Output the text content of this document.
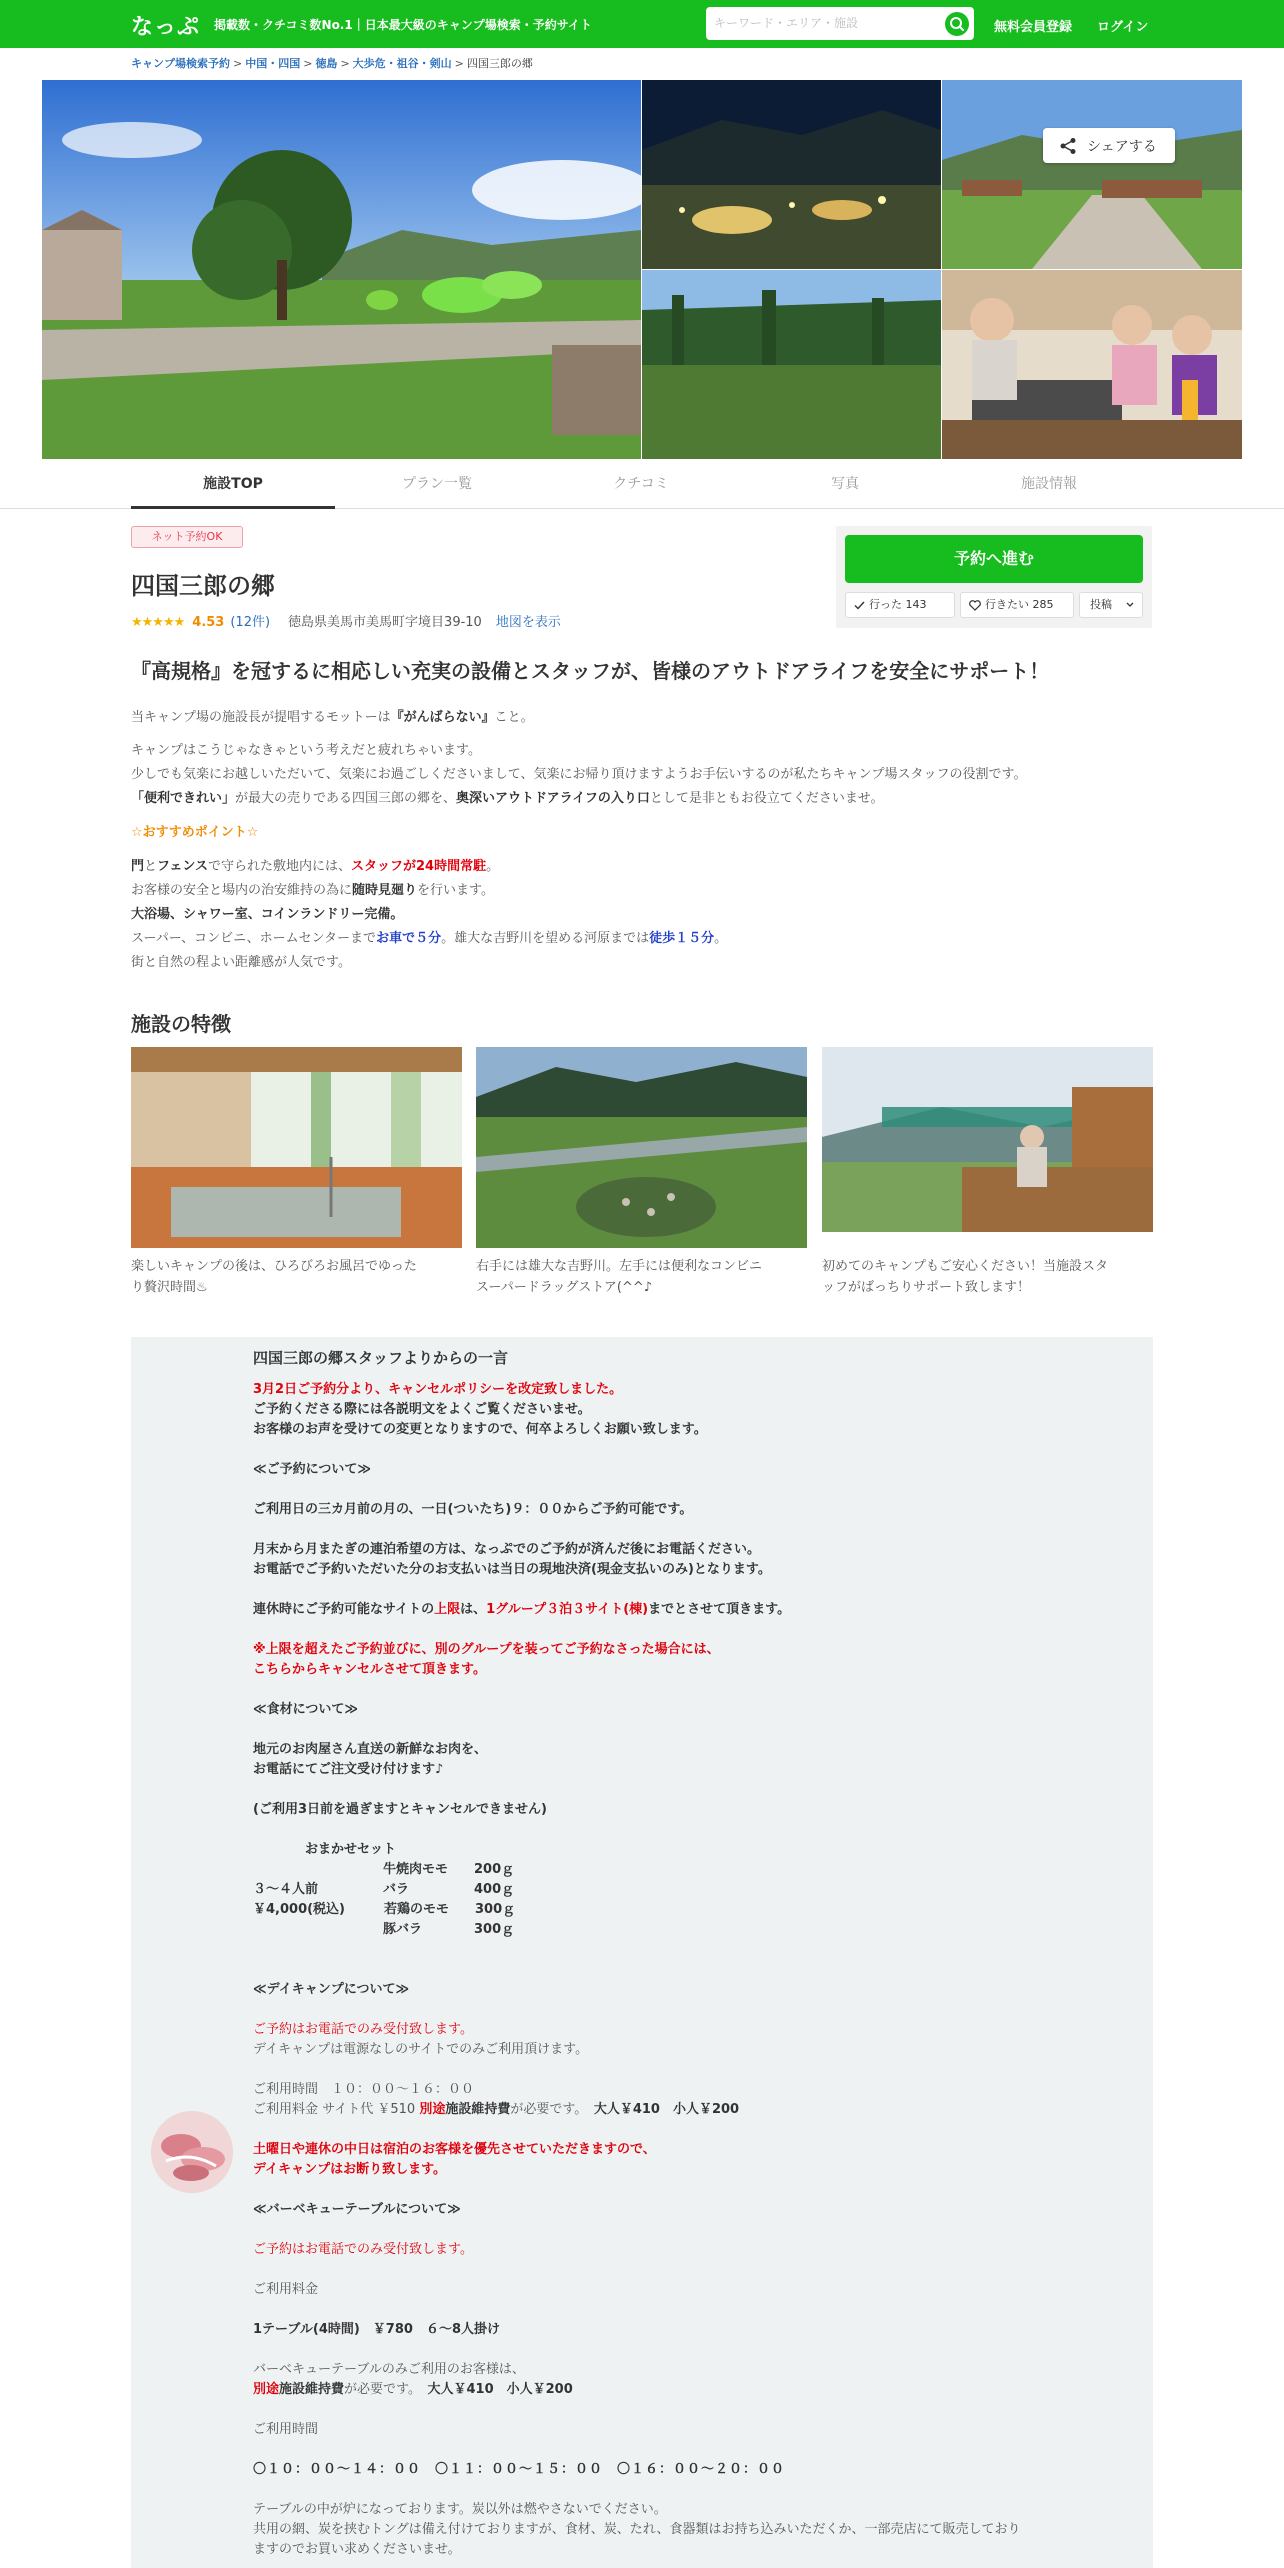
なっぷ 掲載数・クチコミ数No.1｜日本最大級のキャンプ場検索・予約サイト
キーワード・エリア・施設	無料会員登録 ログイン
キャンプ場検索予約 > 中国・四国 > 徳島 > 大歩危・祖谷・剣山 > 四国三郎の郷
シェアする
施設TOP	プラン一覧	クチコミ	写真	施設情報
ネット予約OK
四国三郎の郷
★★★★★ 4.53 (12件) 徳島県美馬市美馬町字境目39-10 地図を表示
予約へ進む
行った 143	行きたい 285	投稿
『高規格』を冠するに相応しい充実の設備とスタッフが、皆様のアウトドアライフを安全にサポート！
当キャンプ場の施設長が提唱するモットーは『がんばらない』こと。
キャンプはこうじゃなきゃという考えだと疲れちゃいます。
少しでも気楽にお越しいただいて、気楽にお過ごしくださいまして、気楽にお帰り頂けますようお手伝いするのが私たちキャンプ場スタッフの役割です。
「便利できれい」が最大の売りである四国三郎の郷を、奥深いアウトドアライフの入り口として是非ともお役立てくださいませ。
☆おすすめポイント☆
門とフェンスで守られた敷地内には、スタッフが24時間常駐。
お客様の安全と場内の治安維持の為に随時見廻りを行います。
大浴場、シャワー室、コインランドリー完備。
スーパー、コンビニ、ホームセンターまでお車で５分。雄大な吉野川を望める河原までは徒歩１５分。
街と自然の程よい距離感が人気です。
施設の特徴
楽しいキャンプの後は、ひろびろお風呂でゆった
り贅沢時間♨
右手には雄大な吉野川。左手には便利なコンビニ
スーパードラッグストア(^^♪
初めてのキャンプもご安心ください！当施設スタ
ッフがばっちりサポート致します！
四国三郎の郷スタッフよりからの一言
3月2日ご予約分より、キャンセルポリシーを改定致しました。
ご予約くださる際には各説明文をよくご覧くださいませ。
お客様のお声を受けての変更となりますので、何卒よろしくお願い致します。
≪ご予約について≫
ご利用日の三カ月前の月の、一日(ついたち)９：００からご予約可能です。
月末から月またぎの連泊希望の方は、なっぷでのご予約が済んだ後にお電話ください。
お電話でご予約いただいた分のお支払いは当日の現地決済(現金支払いのみ)となります。
連休時にご予約可能なサイトの上限は、1グループ３泊３サイト(棟)までとさせて頂きます。
※上限を超えたご予約並びに、別のグループを装ってご予約なさった場合には、
こちらからキャンセルさせて頂きます。
≪食材について≫
地元のお肉屋さん直送の新鮮なお肉を、
お電話にてご注文受け付けます♪
(ご利用3日前を過ぎますとキャンセルできません)
　　　　おまかせセット
　　　　　　　　　　牛焼肉モモ　　200ｇ
３～４人前　　　　　バラ　　　　　400ｇ
￥4,000(税込)　　　若鶏のモモ　　300ｇ
　　　　　　　　　　豚バラ　　　　300ｇ
≪デイキャンプについて≫
ご予約はお電話でのみ受付致します。
デイキャンプは電源なしのサイトでのみご利用頂けます。
ご利用時間　１０：００～１６：００
ご利用料金 サイト代 ￥510 別途施設維持費が必要です。　大人￥410　小人￥200
土曜日や連休の中日は宿泊のお客様を優先させていただきますので、
デイキャンプはお断り致します。
≪バーベキューテーブルについて≫
ご予約はお電話でのみ受付致します。
ご利用料金
1テーブル(4時間)　￥780　６～8人掛け
バーベキューテーブルのみご利用のお客様は、
別途施設維持費が必要です。　大人￥410　小人￥200
ご利用時間
〇１０：００～１４：００　〇１１：００～１５：００　〇１６：００～２０：００
テーブルの中が炉になっております。炭以外は燃やさないでください。
共用の網、炭を挟むトングは備え付けておりますが、食材、炭、たれ、食器類はお持ち込みいただくか、一部売店にて販売しており
ますのでお買い求めくださいませ。
